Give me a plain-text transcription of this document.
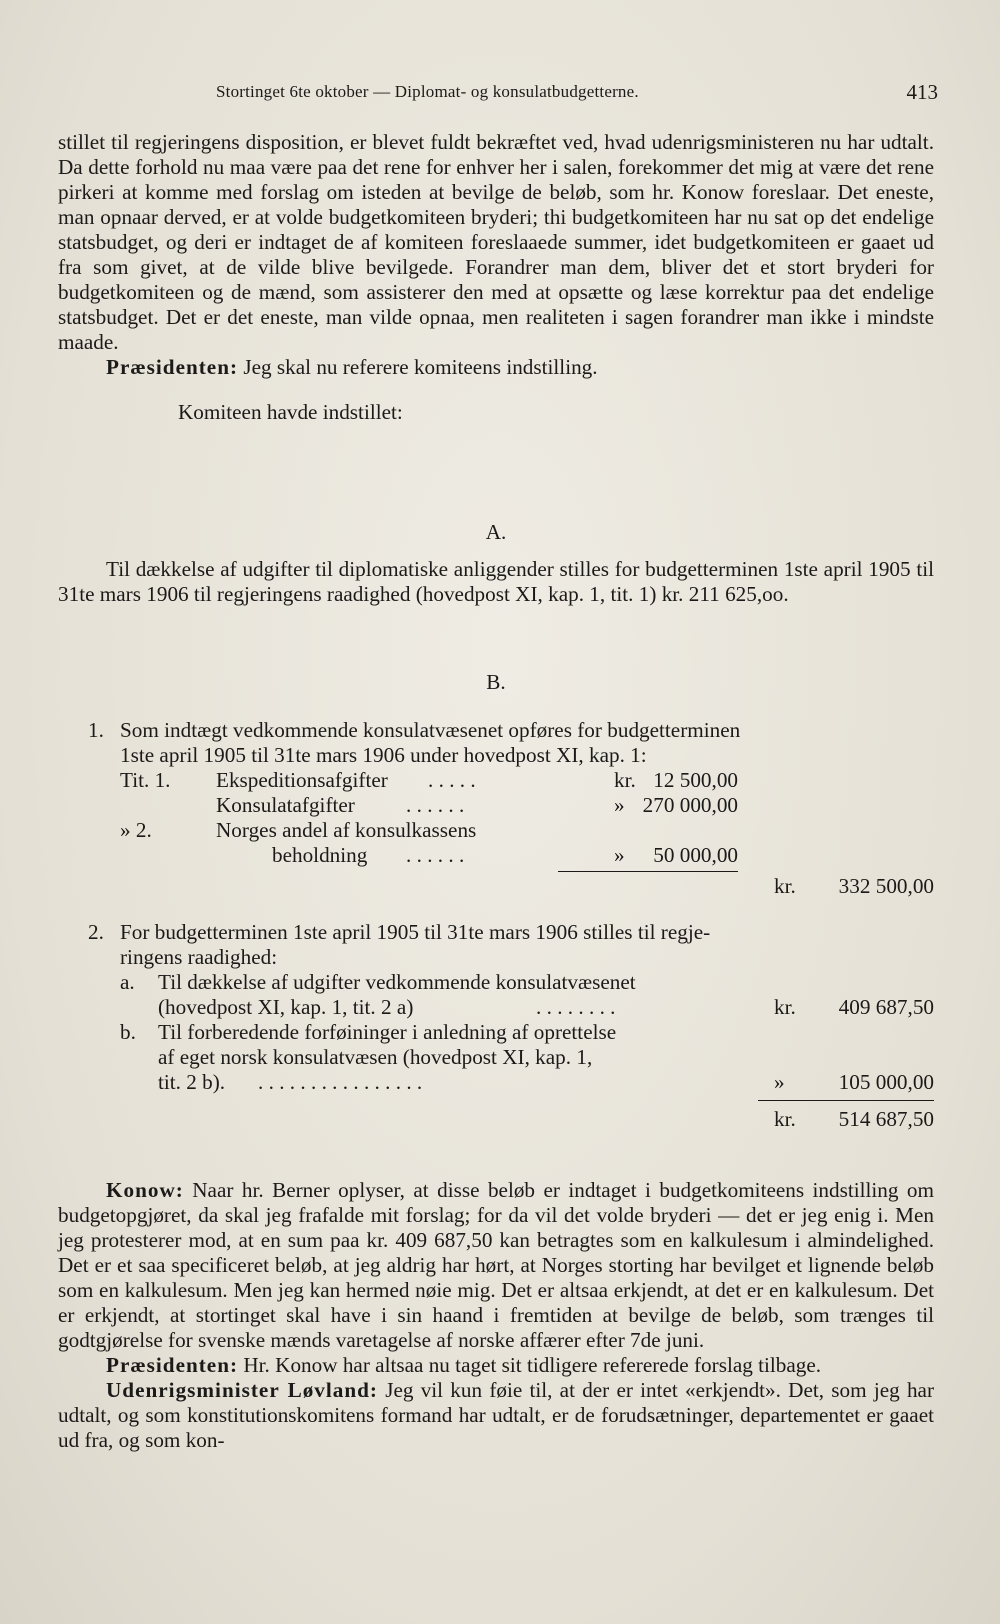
Stortinget 6te oktober — Diplomat- og konsulatbudgetterne.	413

stillet til regjeringens disposition, er blevet fuldt bekræftet ved, hvad udenrigsministeren nu har udtalt. Da dette forhold nu maa være paa det rene for enhver her i salen, forekommer det mig at være det rene pirkeri at komme med forslag om isteden at bevilge de beløb, som hr. Konow foreslaar. Det eneste, man opnaar derved, er at volde budgetkomiteen bryderi; thi budgetkomiteen har nu sat op det endelige statsbudget, og deri er indtaget de af komiteen foreslaaede summer, idet budgetkomiteen er gaaet ud fra som givet, at de vilde blive bevilgede. Forandrer man dem, bliver det et stort bryderi for budgetkomiteen og de mænd, som assisterer den med at opsætte og læse korrektur paa det endelige statsbudget. Det er det eneste, man vilde opnaa, men realiteten i sagen forandrer man ikke i mindste maade.

Præsidenten: Jeg skal nu referere komiteens indstilling.

Komiteen havde indstillet:

A.

Til dækkelse af udgifter til diplomatiske anliggender stilles for budgetterminen 1ste april 1905 til 31te mars 1906 til regjeringens raadighed (hovedpost XI, kap. 1, tit. 1) kr. 211 625,oo.

B.
1. Som indtægt vedkommende konsulatvæsenet opføres for budgetterminen
1ste april 1905 til 31te mars 1906 under hovedpost XI, kap. 1:
Tit. 1. Ekspeditionsafgifter . . . . .	kr. 12 500,00
Konsulatafgifter . . . . . .	» 270 000,00
» 2.	Norges andel af konsulkassens
beholdning . . . . . .	»	50 000,00
kr.	332 500,00
2. For budgetterminen 1ste april 1905 til 31te mars 1906 stilles til regje-
ringens raadighed:
a. Til dækkelse af udgifter vedkommende konsulatvæsenet
(hovedpost XI, kap. 1, tit. 2 a)	. . . . . . . .	kr.	409 687,50
b. Til forberedende forføininger i anledning af oprettelse
af eget norsk konsulatvæsen (hovedpost XI, kap. 1,
tit. 2 b). . . . . . . . . . . . . . . . .	»	105 000,00
kr.	514 687,50

Konow: Naar hr. Berner oplyser, at disse beløb er indtaget i budgetkomiteens indstilling om budgetopgjøret, da skal jeg frafalde mit forslag; for da vil det volde bryderi — det er jeg enig i. Men jeg protesterer mod, at en sum paa kr. 409 687,50 kan betragtes som en kalkulesum i almindelighed. Det er et saa specificeret beløb, at jeg aldrig har hørt, at Norges storting har bevilget et lignende beløb som en kalkulesum. Men jeg kan hermed nøie mig. Det er altsaa erkjendt, at det er en kalkulesum. Det er erkjendt, at stortinget skal have i sin haand i fremtiden at bevilge de beløb, som trænges til godtgjørelse for svenske mænds varetagelse af norske affærer efter 7de juni.

Præsidenten: Hr. Konow har altsaa nu taget sit tidligere refererede forslag tilbage.

Udenrigsminister Løvland: Jeg vil kun føie til, at der er intet «erkjendt». Det, som jeg har udtalt, og som konstitutionskomitens formand har udtalt, er de forudsætninger, departementet er gaaet ud fra, og som kon-
